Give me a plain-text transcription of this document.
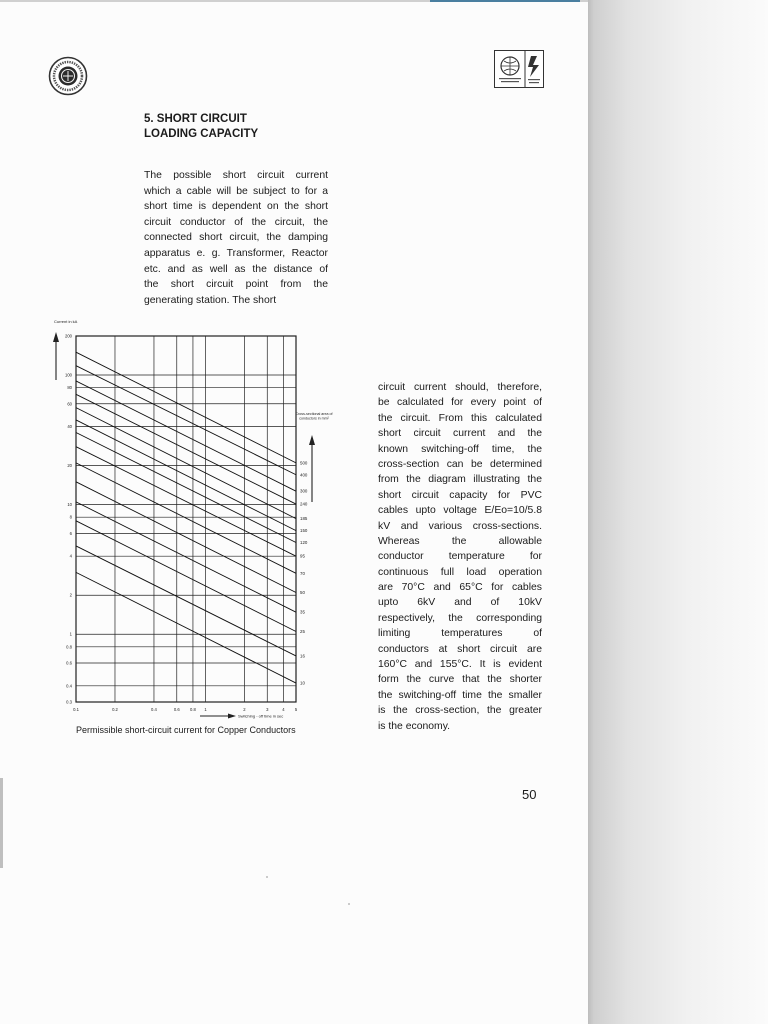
5. SHORT CIRCUIT
LOADING CAPACITY
The possible short circuit current
which a cable will be subject to for a
short time is dependent on the short
circuit conductor of the circuit, the
connected short circuit, the damping
apparatus e. g. Transformer, Reactor
etc. and as well as the distance of
the short circuit point from the
generating station. The short
circuit current should, therefore,
be calculated for every point of
the circuit. From this calculated
short circuit current and the
known switching-off time, the
cross-section can be determined
from the diagram illustrating the
short circuit capacity for PVC
cables upto voltage E/Eo=10/5.8
kV and various cross-sections.
Whereas the allowable
conductor temperature for
continuous full load operation
are 70°C and 65°C for cables
upto 6kV and of 10kV
respectively, the corresponding
limiting temperatures of
conductors at short circuit are
160°C and 155°C. It is evident
form the curve that the shorter
the switching-off time the smaller
is the cross-section, the greater
is the economy.
0.1	0.2	0.4	0.6 0.8 1	2	3	4 5
200
100
80
60
40
20
10
8
6
4
2
1
0.8
0.6
0.4
0.3
500
400
300
240
185
150
120
95
70
50
35
25
16
10
Current in kA
Cross-sectional area of conductors in mm²
Switching - off time in sec
Permissible short-circuit current for Copper Conductors
50
